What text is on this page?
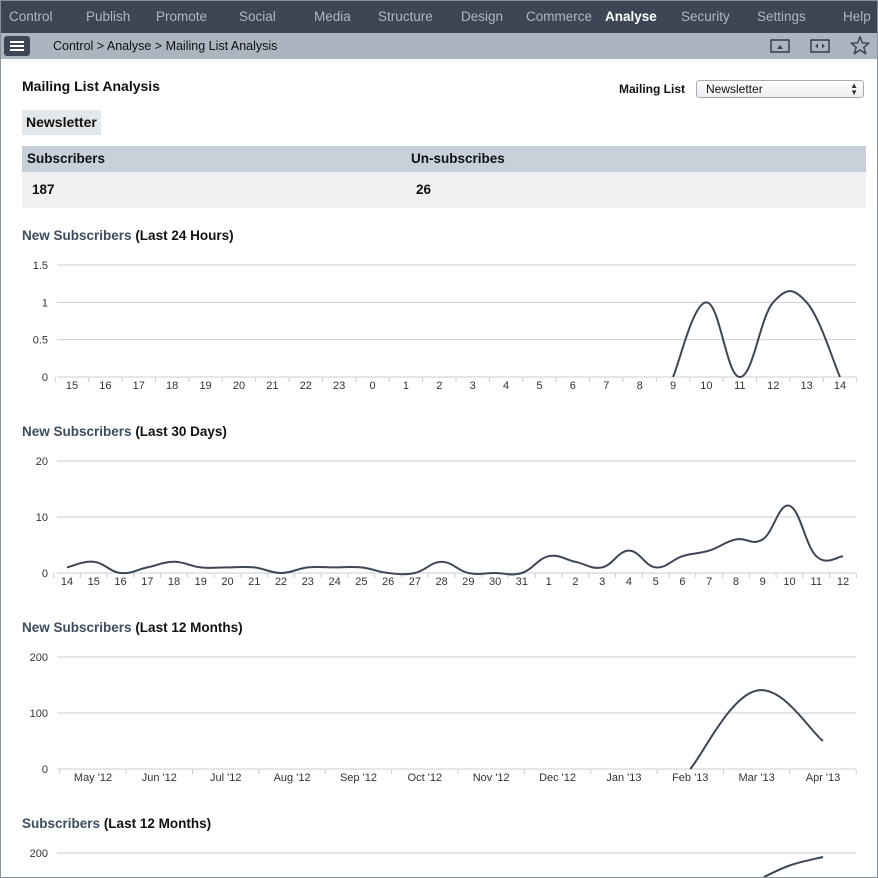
Control Publish Promote Social	Media Structure Design Commerce Analyse Security Settings	Help
Control > Analyse > Mailing List Analysis
Mailing List Analysis	Mailing List	Newsletter	▲
▼
Newsletter
Subscribers	Un-subscribes
187	26
New Subscribers (Last 24 Hours)
New Subscribers (Last 30 Days)
New Subscribers (Last 12 Months)
Subscribers (Last 12 Months)
0
0.5
1
1.5
15 16 17 18 19 20 21 22 23 0 1 2 3 4 5 6 7 8 9 10 11 12 13 14
0
10
20
14 15 16 17 18 19 20 21 22 23 24 25 26 27 28 29 30 31 1 2 3 4 5 6 7 8 9 10 11 12
0
100
200
May '12	Jun '12	Jul '12	Aug '12	Sep '12	Oct '12	Nov '12	Dec '12	Jan '13	Feb '13	Mar '13	Apr '13
200
